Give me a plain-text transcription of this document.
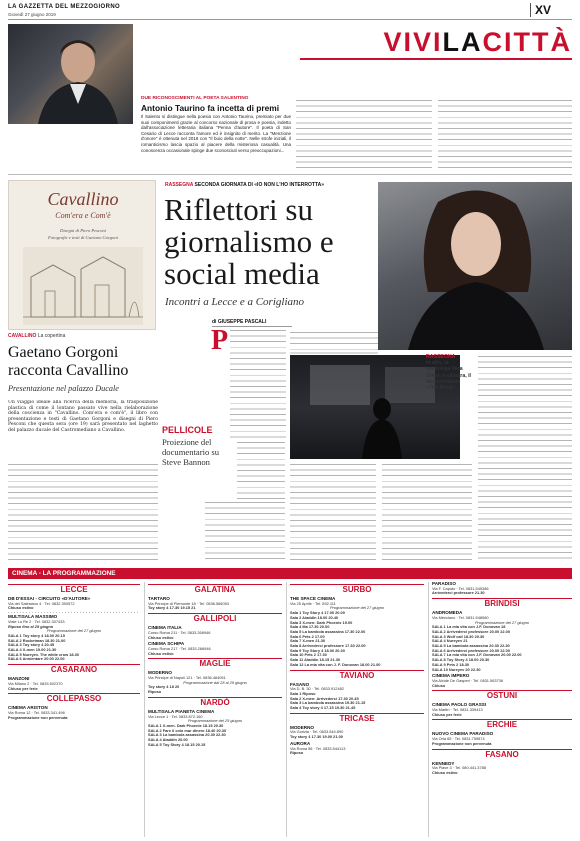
LA GAZZETTA DEL MEZZOGIORNO
Giovedì 27 giugno 2019	XV
VIVILACITTÀ
DUE RICONOSCIMENTI AL POETA SALENTINO
Antonio Taurino fa incetta di premi
Il Salento si distingue nella poesia con Antonio Taurino, premiato per due suoi componimenti grazie al concorso nazionale di prosa e poesia, indetto dall'associazione letteraria italiana "Penna d'autore". Il poeta di San Cesario di Lecce racconta l'amore ed è insignito di merito. La "Menzione d'onore" è ottenuta nel 2018 con "Il buio della notte". Nelle strofe iniziali, il romanticismo lascia spazio al piacere della misteriosa casualità. Una conoscenza occasionale spinge due sconosciuti verso preoccupazioni...
Cavallino
Com'era e Com'è
Disegni di Piero Pesconi
Fotografie e testi di Gaetano Gorgoni
CAVALLINO La copertina
Gaetano Gorgoni racconta Cavallino
Presentazione nel palazzo Ducale
Un viaggio ideale alla ricerca della memoria, la trasposizione plastica di come il lontano passato vive nella rielaborazione della coscienza in "Cavallino. Com'era e com'è", il libro con presentazione e testi di Gaetano Gorgoni e disegni di Piero Pesconi che questa sera (ore 19) sarà presentato nel laghetto del palazzo ducale del Castromediano a Cavallino.
RASSEGNA SECONDA GIORNATA DI «IO NON L'HO INTERROTTA»
Riflettori su giornalismo e social media
Incontri a Lecce e a Corigliano
di GIUSEPPE PASCALI
P
PELLICOLE
Proiezione del documentario su Steve Bannon
RASSEGNA
In alto, la sociologa Vera Ghen; a sinistra, il documentario «The Brink»
CINEMA - LA PROGRAMMAZIONE
LECCE
DB D'ESSAI - CIRCUITO «D'AUTORE»
Via del Salesiano 4 · Tel. 0832.390572
Chiuso estivo
MULTISALA MASSIMO
Viale Lo Re 2 · Tel. 0832.307433
Riposo fino al 29 giugno
Programmazione del 27 giugno
SALA 1 Toy story 4 18.00 20.15
SALA 2 Rocketman 18.30 21.00
SALA 3 Toy story 4 20.45
SALA 4 X-men 19.00 21.30
SALA 5 Nureyev. The white crow 18.30
SALA 6 Annientare 20.00 22.00
CASARANO
MANZONI
Via Milano 2 · Tel. 0833.502370
Chiuso per ferie
COLLEPASSO
CINEMA ARISTON
Via Roma 12 · Tel. 0833.341.496
Programmazione non pervenuta
GALATINA
TARTARO
Via Principe di Piemonte 18 · Tel. 0836.566053
Toy story 4 17.30 19.15 21
GALLIPOLI
CINEMA ITALIA
Corso Roma 211 · Tel. 0833.266946
Chiuso estivo
CINEMA SCHIPA
Corso Roma 217 · Tel. 0833.266946
Chiuso estivo
MAGLIE
MODERNO
Via Principe di Napoli 121 · Tel. 0836.484051
Programmazione dal 28 al 29 giugno
Toy story 4 18 20
Riposo
NARDÒ
MULTISALA PIANETA CINEMA
Via Lecce 1 · Tel. 0833.872.160
Programmazione del 25 giugno
SALA 1 X-men. Dark Phoenix 18.15 20.30
SALA 2 Fare il colo mar dinero 18.40 20.30
SALA 3 La bambola assassina 20.30 22.30
SALA 4 Aladdin 20.00
SALA 5 Toy Story 4 18.15 20.15
SURBO
THE SPACE CINEMA
Via 25 Aprile · Tel. 892.111
Programmazione del 27 giugno
Sala 1 Toy Story 4 17.00 20.00
Sala 2 Aladdin 18.00 20.40
Sala 3 X-men: Dark Phoenix 19.00
Sala 4 Ma 17.30 20.00
Sala 5 La bambola assassina 17.30 22.00
Sala 6 Pets 2 17.00
Sala 7 X-men 21.30
Sala 8 Arrivederci professore 17.30 22.00
Sala 9 Toy Story 4 18.00 20.30
Sala 10 Pets 2 17.30
Sala 11 Aladdin 18.15 21.30
Sala 12 La mia vita con J. F. Donovan 18.00 21.00
TAVIANO
FASANO
Via D. B. 30 · Tel. 0833.912482
Sala 1 Riposo
Sala 2 X-men: Arrivederci 17.30 20.45
Sala 3 La bambola assassina 19.30 21.15
Sala 4 Toy story 4 17.15 19.30 21.45
TRICASE
MODERNO
Via Gorizia · Tel. 0833.544.890
Toy story 4 17.30 19.00 21.00
AURORA
Via Roma 56 · Tel. 0833.544113
Riposo
PARADISO
Via F. Caputo · Tel. 0831.545386
Arrivederci professore 21.30
BRINDISI
ANDROMEDA
Via Mecclano · Tel. 0831.548980
Programmazione del 27 giugno
SALA 1 La mia vita con J.F. Donovan 18
SALA 2 Arrivederci professore 20.00 22.00
SALA 3 Wolf call 18.30 20.30
SALA 4 Nureyev 21
SALA 5 La bambola assassina 20.30 22.30
SALA 6 Arrivederci professore 20.00 22.00
SALA 7 La mia vita con J.F. Donovan 20.00 22.00
SALA 8 Toy Story 4 18.00 20.30
SALA 9 Pets 2 18.30
SALA 10 Nureyev 20 22.30
CINEMA IMPERO
Via Alcide De Gasperi · Tel. 0831.563736
Chiuso
OSTUNI
CINEMA PAOLO GRASSI
Via Martiri · Tel. 0831.339413
Chiuso per ferie
ERCHIE
NUOVO CINEMA PARADISO
Via Oria 65 · Tel. 0831.759874
Programmazione non pervenuta
FASANO
KENNEDY
Via Piave 3 · Tel. 080.441.3788
Chiuso estivo
